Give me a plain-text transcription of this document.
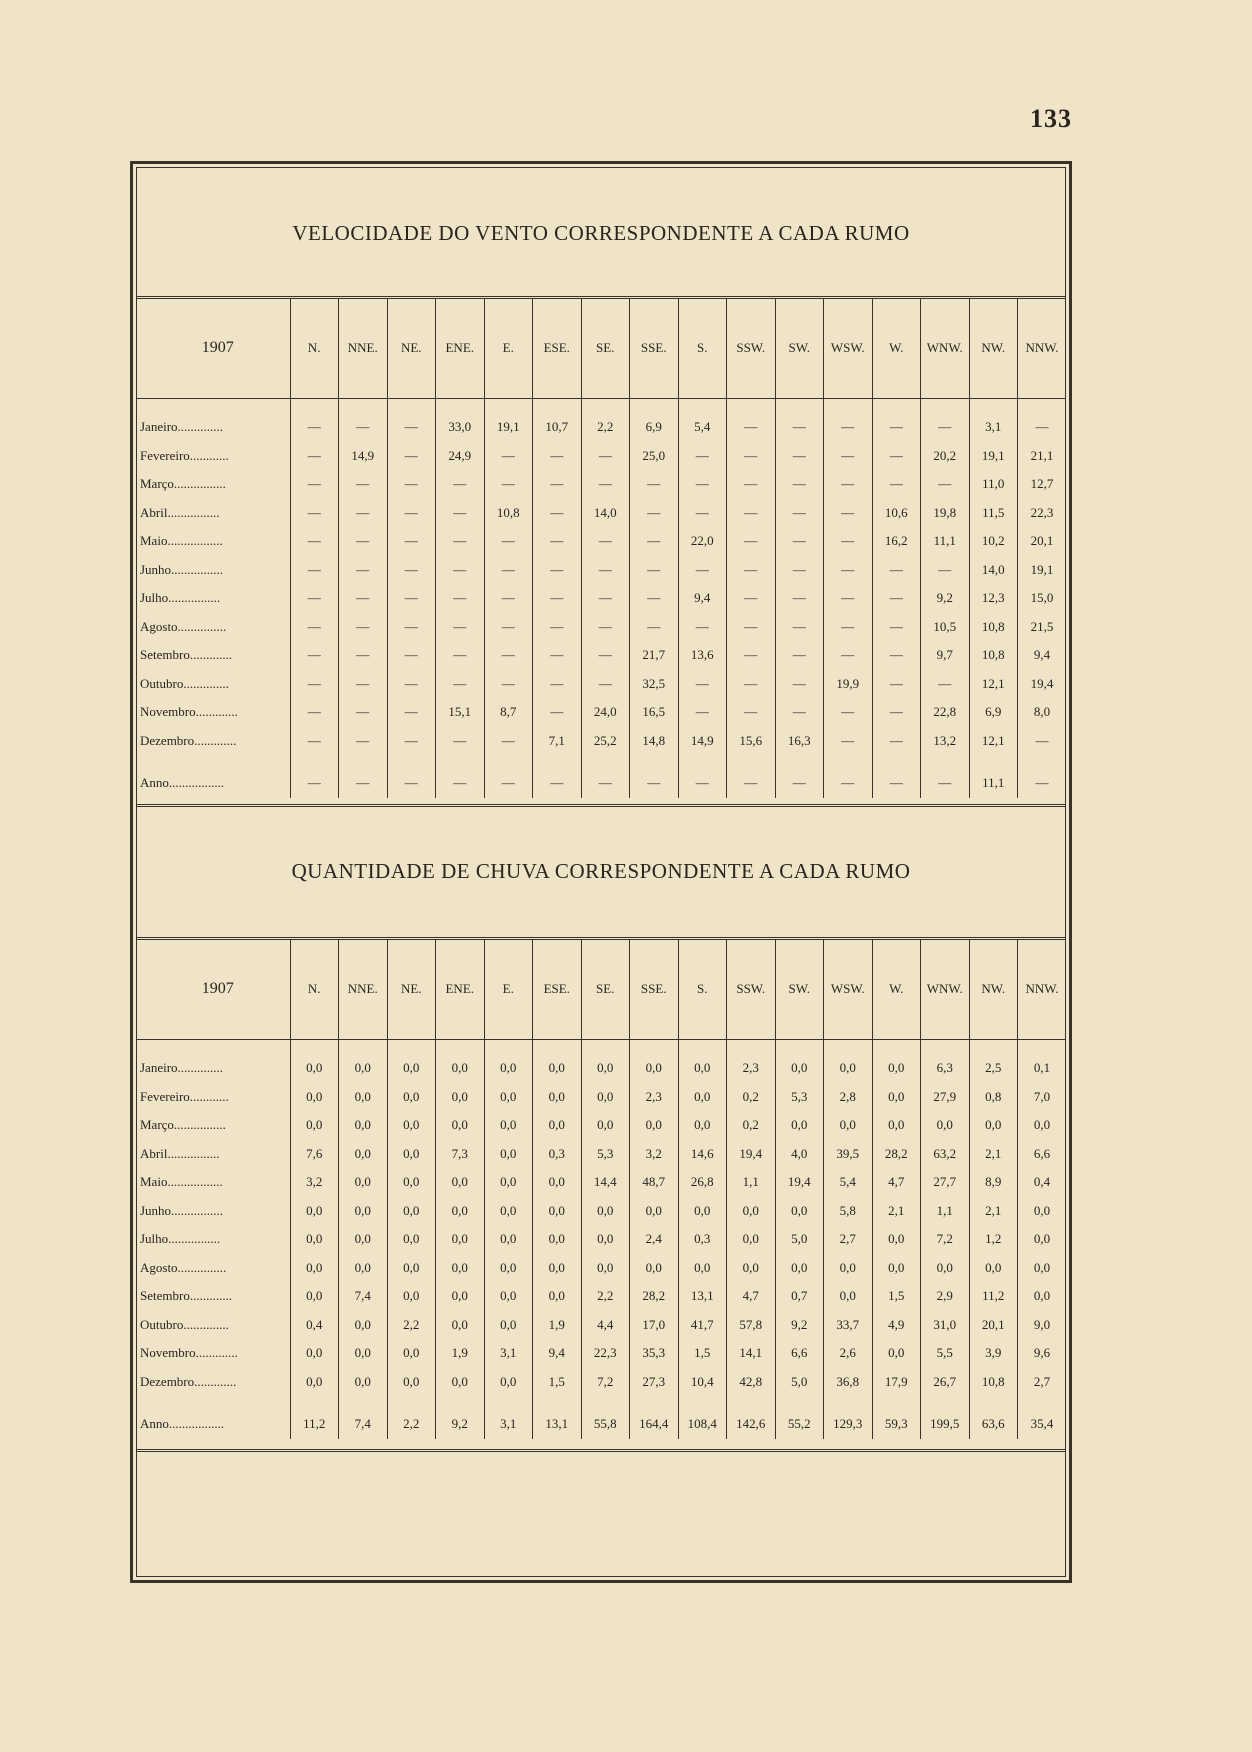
133
VELOCIDADE DO VENTO CORRESPONDENTE A CADA RUMO
1907	N.	NNE.	NE.	ENE.	E.	ESE.	SE.	SSE.	S.	SSW.	SW.	WSW.	W.	WNW.	NW.	NNW.

Janeiro..............	—	—	—	33,0	19,1	10,7	2,2	6,9	5,4	—	—	—	—	—	3,1	—
Fevereiro............	—	14,9	—	24,9	—	—	—	25,0	—	—	—	—	—	20,2	19,1	21,1
Março................	—	—	—	—	—	—	—	—	—	—	—	—	—	—	11,0	12,7
Abril................	—	—	—	—	10,8	—	14,0	—	—	—	—	—	10,6	19,8	11,5	22,3
Maio.................	—	—	—	—	—	—	—	—	22,0	—	—	—	16,2	11,1	10,2	20,1
Junho................	—	—	—	—	—	—	—	—	—	—	—	—	—	—	14,0	19,1
Julho................	—	—	—	—	—	—	—	—	9,4	—	—	—	—	9,2	12,3	15,0
Agosto...............	—	—	—	—	—	—	—	—	—	—	—	—	—	10,5	10,8	21,5
Setembro.............	—	—	—	—	—	—	—	21,7	13,6	—	—	—	—	9,7	10,8	9,4
Outubro..............	—	—	—	—	—	—	—	32,5	—	—	—	19,9	—	—	12,1	19,4
Novembro.............	—	—	—	15,1	8,7	—	24,0	16,5	—	—	—	—	—	22,8	6,9	8,0
Dezembro.............	—	—	—	—	—	7,1	25,2	14,8	14,9	15,6	16,3	—	—	13,2	12,1	—

Anno.................	—	—	—	—	—	—	—	—	—	—	—	—	—	—	11,1	—
QUANTIDADE DE CHUVA CORRESPONDENTE A CADA RUMO
1907	N.	NNE.	NE.	ENE.	E.	ESE.	SE.	SSE.	S.	SSW.	SW.	WSW.	W.	WNW.	NW.	NNW.

Janeiro..............	0,0	0,0	0,0	0,0	0,0	0,0	0,0	0,0	0,0	2,3	0,0	0,0	0,0	6,3	2,5	0,1
Fevereiro............	0,0	0,0	0,0	0,0	0,0	0,0	0,0	2,3	0,0	0,2	5,3	2,8	0,0	27,9	0,8	7,0
Março................	0,0	0,0	0,0	0,0	0,0	0,0	0,0	0,0	0,0	0,2	0,0	0,0	0,0	0,0	0,0	0,0
Abril................	7,6	0,0	0,0	7,3	0,0	0,3	5,3	3,2	14,6	19,4	4,0	39,5	28,2	63,2	2,1	6,6
Maio.................	3,2	0,0	0,0	0,0	0,0	0,0	14,4	48,7	26,8	1,1	19,4	5,4	4,7	27,7	8,9	0,4
Junho................	0,0	0,0	0,0	0,0	0,0	0,0	0,0	0,0	0,0	0,0	0,0	5,8	2,1	1,1	2,1	0,0
Julho................	0,0	0,0	0,0	0,0	0,0	0,0	0,0	2,4	0,3	0,0	5,0	2,7	0,0	7,2	1,2	0,0
Agosto...............	0,0	0,0	0,0	0,0	0,0	0,0	0,0	0,0	0,0	0,0	0,0	0,0	0,0	0,0	0,0	0,0
Setembro.............	0,0	7,4	0,0	0,0	0,0	0,0	2,2	28,2	13,1	4,7	0,7	0,0	1,5	2,9	11,2	0,0
Outubro..............	0,4	0,0	2,2	0,0	0,0	1,9	4,4	17,0	41,7	57,8	9,2	33,7	4,9	31,0	20,1	9,0
Novembro.............	0,0	0,0	0,0	1,9	3,1	9,4	22,3	35,3	1,5	14,1	6,6	2,6	0,0	5,5	3,9	9,6
Dezembro.............	0,0	0,0	0,0	0,0	0,0	1,5	7,2	27,3	10,4	42,8	5,0	36,8	17,9	26,7	10,8	2,7

Anno.................	11,2	7,4	2,2	9,2	3,1	13,1	55,8	164,4	108,4	142,6	55,2	129,3	59,3	199,5	63,6	35,4
